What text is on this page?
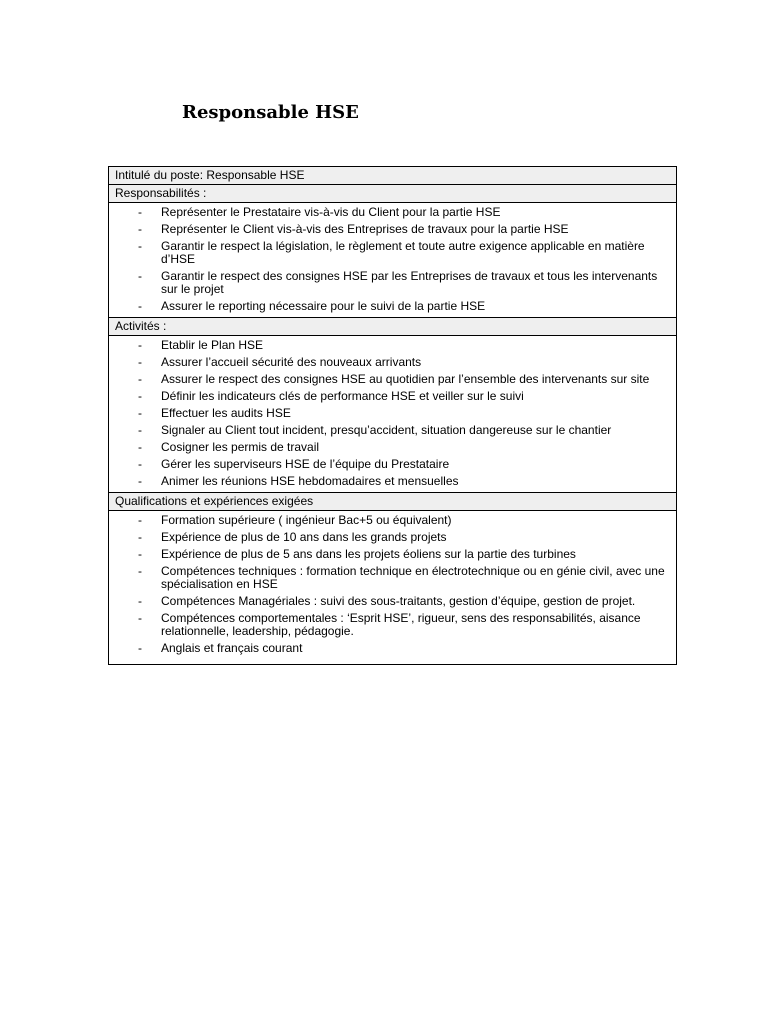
Responsable HSE
Intitulé du poste: Responsable HSE
Responsabilités :
- Représenter le Prestataire vis-à-vis du Client pour la partie HSE
- Représenter le Client vis-à-vis des Entreprises de travaux pour la partie HSE
- Garantir le respect la législation, le règlement et toute autre exigence applicable en matière d’HSE
- Garantir le respect des consignes HSE par les Entreprises de travaux et tous les intervenants sur le projet
- Assurer le reporting nécessaire pour le suivi de la partie HSE
Activités :
- Etablir le Plan HSE
- Assurer l’accueil sécurité des nouveaux arrivants
- Assurer le respect des consignes HSE au quotidien par l’ensemble des intervenants sur site
- Définir les indicateurs clés de performance HSE et veiller sur le suivi
- Effectuer les audits HSE
- Signaler au Client tout incident, presqu’accident, situation dangereuse sur le chantier
- Cosigner les permis de travail
- Gérer les superviseurs HSE de l’équipe du Prestataire
- Animer les réunions HSE hebdomadaires et mensuelles
Qualifications et expériences exigées
- Formation supérieure ( ingénieur Bac+5 ou équivalent)
- Expérience de plus de 10 ans dans les grands projets
- Expérience de plus de 5 ans dans les projets éoliens sur la partie des turbines
- Compétences techniques : formation technique en électrotechnique ou en génie civil, avec une spécialisation en HSE
- Compétences Managériales : suivi des sous-traitants, gestion d’équipe, gestion de projet.
- Compétences comportementales : ‘Esprit HSE’, rigueur, sens des responsabilités, aisance relationnelle, leadership, pédagogie.
- Anglais et français courant
